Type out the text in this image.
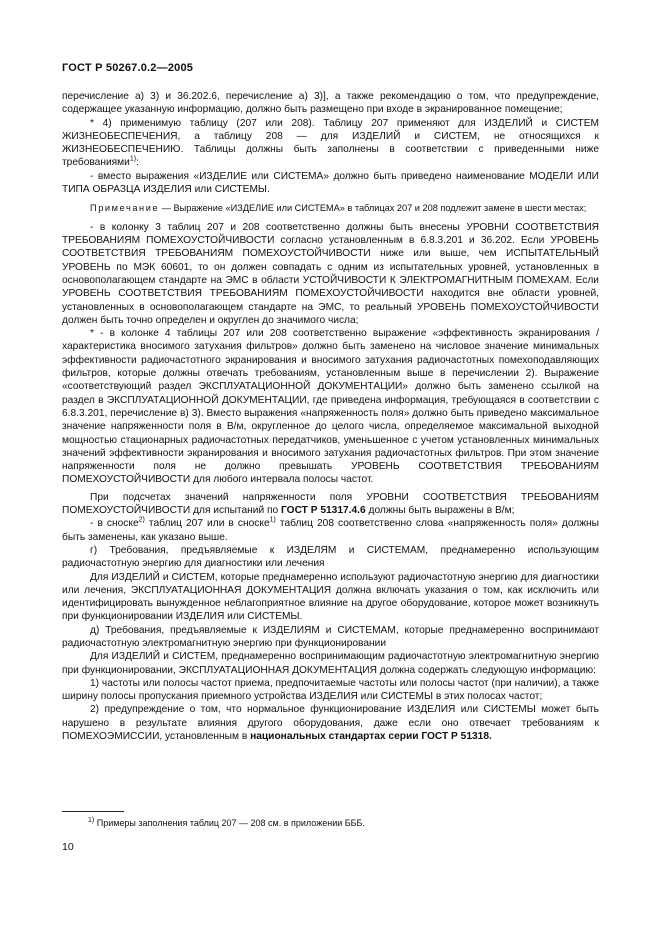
ГОСТ Р 50267.0.2—2005

перечисление а) 3) и 36.202.6, перечисление а) 3)], а также рекомендацию о том, что предупреждение, содержащее указанную информацию, должно быть размещено при входе в экранированное помещение;

* 4) применимую таблицу (207 или 208). Таблицу 207 применяют для ИЗДЕЛИЙ и СИСТЕМ ЖИЗНЕОБЕСПЕЧЕНИЯ, а таблицу 208 — для ИЗДЕЛИЙ и СИСТЕМ, не относящихся к ЖИЗНЕОБЕСПЕЧЕНИЮ. Таблицы должны быть заполнены в соответствии с приведенными ниже требованиями$^{1)}$:

- вместо выражения «ИЗДЕЛИЕ или СИСТЕМА» должно быть приведено наименование МОДЕЛИ ИЛИ ТИПА ОБРАЗЦА ИЗДЕЛИЯ или СИСТЕМЫ.

Примечание — Выражение «ИЗДЕЛИЕ или СИСТЕМА» в таблицах 207 и 208 подлежит замене в шести местах;

- в колонку 3 таблиц 207 и 208 соответственно должны быть внесены УРОВНИ СООТВЕТСТВИЯ ТРЕБОВАНИЯМ ПОМЕХОУСТОЙЧИВОСТИ согласно установленным в 6.8.3.201 и 36.202. Если УРОВЕНЬ СООТВЕТСТВИЯ ТРЕБОВАНИЯМ ПОМЕХОУСТОЙЧИВОСТИ ниже или выше, чем ИСПЫТАТЕЛЬНЫЙ УРОВЕНЬ по МЭК 60601, то он должен совпадать с одним из испытательных уровней, установленных в основополагающем стандарте на ЭМС в области УСТОЙЧИВОСТИ К ЭЛЕКТРОМАГНИТНЫМ ПОМЕХАМ. Если УРОВЕНЬ СООТВЕТСТВИЯ ТРЕБОВАНИЯМ ПОМЕХОУСТОЙЧИВОСТИ находится вне области уровней, установленных в основополагающем стандарте на ЭМС, то реальный УРОВЕНЬ ПОМЕХОУСТОЙЧИВОСТИ должен быть точно определен и округлен до значимого числа;

* - в колонке 4 таблицы 207 или 208 соответственно выражение «эффективность экранирования / характеристика вносимого затухания фильтров» должно быть заменено на числовое значение минимальных эффективности радиочастотного экранирования и вносимого затухания радиочастотных помехоподавляющих фильтров, которые должны отвечать требованиям, установленным выше в перечислении 2). Выражение «соответствующий раздел ЭКСПЛУАТАЦИОННОЙ ДОКУМЕНТАЦИИ» должно быть заменено ссылкой на раздел в ЭКСПЛУАТАЦИОННОЙ ДОКУМЕНТАЦИИ, где приведена информация, требующаяся в соответствии с 6.8.3.201, перечисление в) 3). Вместо выражения «напряженность поля» должно быть приведено максимальное значение напряженности поля в В/м, округленное до целого числа, определяемое максимальной выходной мощностью стационарных радиочастотных передатчиков, уменьшенное с учетом установленных минимальных значений эффективности экранирования и вносимого затухания радиочастотных фильтров. При этом значение напряженности поля не должно превышать УРОВЕНЬ СООТВЕТСТВИЯ ТРЕБОВАНИЯМ ПОМЕХОУСТОЙЧИВОСТИ для любого интервала полосы частот.

При подсчетах значений напряженности поля УРОВНИ СООТВЕТСТВИЯ ТРЕБОВАНИЯМ ПОМЕХОУСТОЙЧИВОСТИ для испытаний по ГОСТ Р 51317.4.6 должны быть выражены в В/м;

- в сноске$^{2)}$ таблиц 207 или в сноске$^{1)}$ таблиц 208 соответственно слова «напряженность поля» должны быть заменены, как указано выше.

г) Требования, предъявляемые к ИЗДЕЛЯМ и СИСТЕМАМ, преднамеренно использующим радиочастотную энергию для диагностики или лечения

Для ИЗДЕЛИЙ и СИСТЕМ, которые преднамеренно используют радиочастотную энергию для диагностики или лечения, ЭКСПЛУАТАЦИОННАЯ ДОКУМЕНТАЦИЯ должна включать указания о том, как исключить или идентифицировать вынужденное неблагоприятное влияние на другое оборудование, которое может возникнуть при функционировании ИЗДЕЛИЯ или СИСТЕМЫ.

д) Требования, предъявляемые к ИЗДЕЛИЯМ и СИСТЕМАМ, которые преднамеренно воспринимают радиочастотную электромагнитную энергию при функционировании

Для ИЗДЕЛИЙ и СИСТЕМ, преднамеренно воспринимающим радиочастотную электромагнитную энергию при функционировании, ЭКСПЛУАТАЦИОННАЯ ДОКУМЕНТАЦИЯ должна содержать следующую информацию:

1) частоты или полосы частот приема, предпочитаемые частоты или полосы частот (при наличии), а также ширину полосы пропускания приемного устройства ИЗДЕЛИЯ или СИСТЕМЫ в этих полосах частот;

2) предупреждение о том, что нормальное функционирование ИЗДЕЛИЯ или СИСТЕМЫ может быть нарушено в результате влияния другого оборудования, даже если оно отвечает требованиям к ПОМЕХОЭМИССИИ, установленным в национальных стандартах серии ГОСТ Р 51318.

$^{1)}$ Примеры заполнения таблиц 207 — 208 см. в приложении БББ.
10
